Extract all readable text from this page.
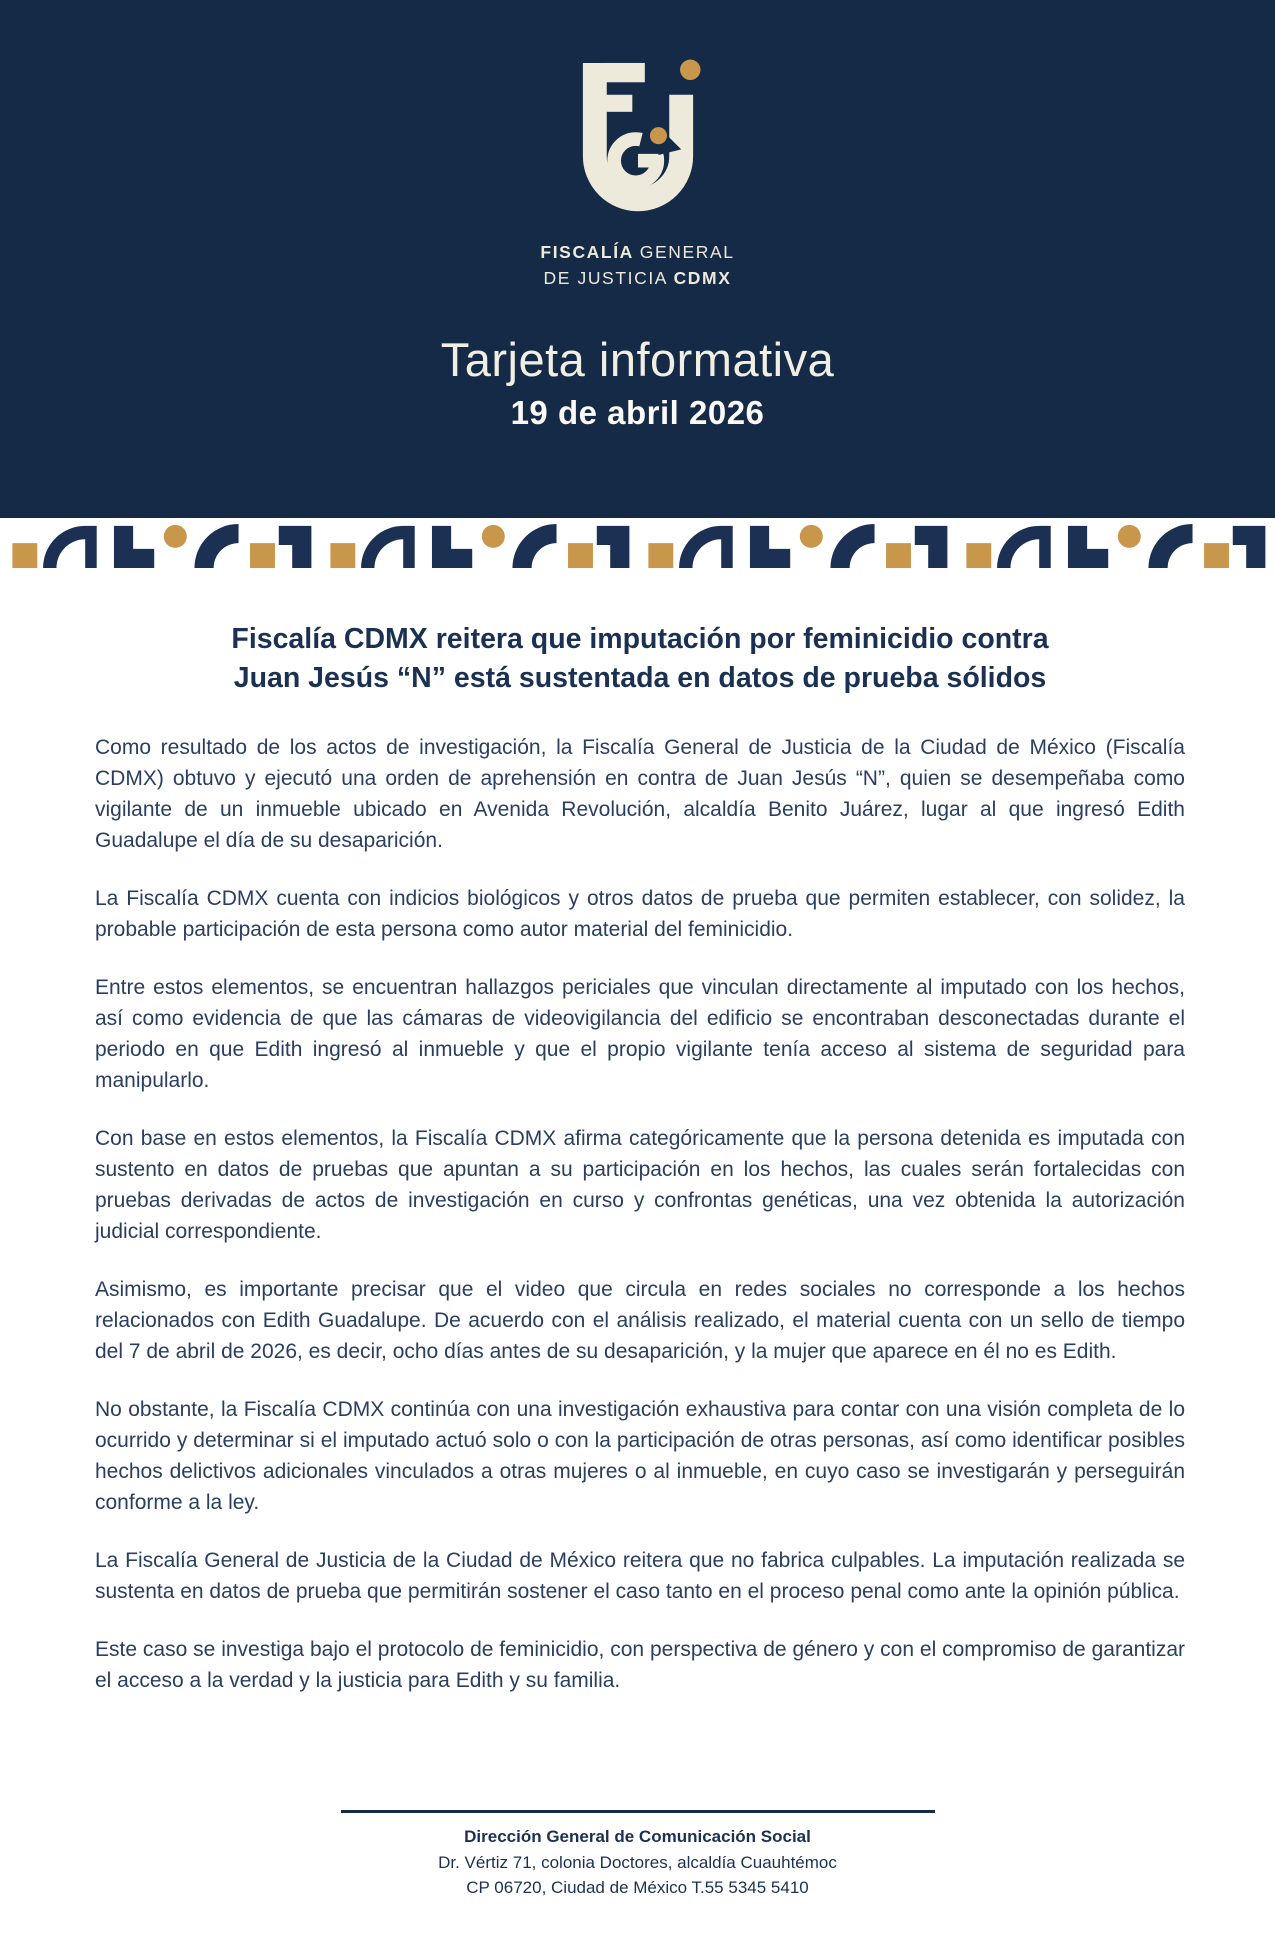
FISCALÍA GENERAL
DE JUSTICIA CDMX
Tarjeta informativa
19 de abril 2026
Fiscalía CDMX reitera que imputación por feminicidio contra
Juan Jesús “N” está sustentada en datos de prueba sólidos

Como resultado de los actos de investigación, la Fiscalía General de Justicia de la Ciudad de México (Fiscalía CDMX) obtuvo y ejecutó una orden de aprehensión en contra de Juan Jesús “N”, quien se desempeñaba como vigilante de un inmueble ubicado en Avenida Revolución, alcaldía Benito Juárez, lugar al que ingresó Edith Guadalupe el día de su desaparición.

La Fiscalía CDMX cuenta con indicios biológicos y otros datos de prueba que permiten establecer, con solidez, la probable participación de esta persona como autor material del feminicidio.

Entre estos elementos, se encuentran hallazgos periciales que vinculan directamente al imputado con los hechos, así como evidencia de que las cámaras de videovigilancia del edificio se encontraban desconectadas durante el periodo en que Edith ingresó al inmueble y que el propio vigilante tenía acceso al sistema de seguridad para manipularlo.

Con base en estos elementos, la Fiscalía CDMX afirma categóricamente que la persona detenida es imputada con sustento en datos de pruebas que apuntan a su participación en los hechos, las cuales serán fortalecidas con pruebas derivadas de actos de investigación en curso y confrontas genéticas, una vez obtenida la autorización judicial correspondiente.

Asimismo, es importante precisar que el video que circula en redes sociales no corresponde a los hechos relacionados con Edith Guadalupe. De acuerdo con el análisis realizado, el material cuenta con un sello de tiempo del 7 de abril de 2026, es decir, ocho días antes de su desaparición, y la mujer que aparece en él no es Edith.

No obstante, la Fiscalía CDMX continúa con una investigación exhaustiva para contar con una visión completa de lo ocurrido y determinar si el imputado actuó solo o con la participación de otras personas, así como identificar posibles hechos delictivos adicionales vinculados a otras mujeres o al inmueble, en cuyo caso se investigarán y perseguirán conforme a la ley.

La Fiscalía General de Justicia de la Ciudad de México reitera que no fabrica culpables. La imputación realizada se sustenta en datos de prueba que permitirán sostener el caso tanto en el proceso penal como ante la opinión pública.

Este caso se investiga bajo el protocolo de feminicidio, con perspectiva de género y con el compromiso de garantizar el acceso a la verdad y la justicia para Edith y su familia.

Dirección General de Comunicación Social
Dr. Vértiz 71, colonia Doctores, alcaldía Cuauhtémoc
CP 06720, Ciudad de México T.55 5345 5410
